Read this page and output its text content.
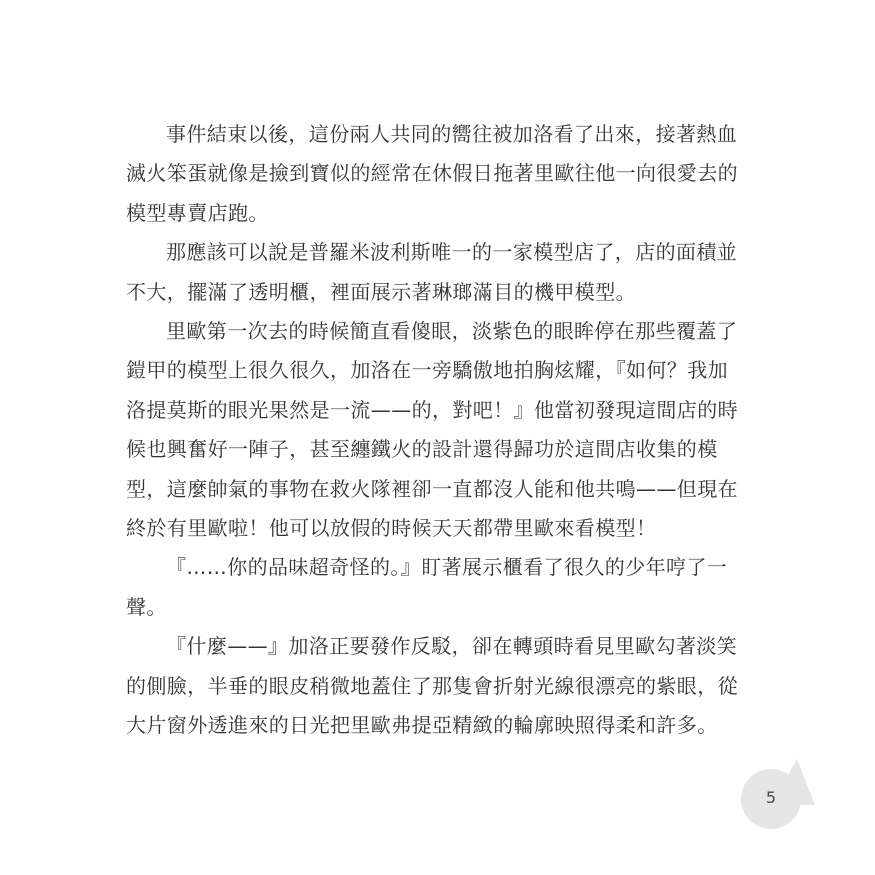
事件結束以後，這份兩人共同的嚮往被加洛看了出來，接著熱血
滅火笨蛋就像是撿到寶似的經常在休假日拖著里歐往他一向很愛去的
模型專賣店跑。

那應該可以說是普羅米波利斯唯一的一家模型店了，店的面積並
不大，擺滿了透明櫃，裡面展示著琳瑯滿目的機甲模型。

里歐第一次去的時候簡直看傻眼，淡紫色的眼眸停在那些覆蓋了
鎧甲的模型上很久很久，加洛在一旁驕傲地拍胸炫耀，『如何？我加
洛提莫斯的眼光果然是一流——的，對吧！』他當初發現這間店的時
候也興奮好一陣子，甚至纏鐵火的設計還得歸功於這間店收集的模
型，這麼帥氣的事物在救火隊裡卻一直都沒人能和他共鳴——但現在
終於有里歐啦！他可以放假的時候天天都帶里歐來看模型！

『……你的品味超奇怪的。』盯著展示櫃看了很久的少年哼了一
聲。

『什麼——』加洛正要發作反駁，卻在轉頭時看見里歐勾著淡笑
的側臉，半垂的眼皮稍微地蓋住了那隻會折射光線很漂亮的紫眼，從
大片窗外透進來的日光把里歐弗提亞精緻的輪廓映照得柔和許多。

5
